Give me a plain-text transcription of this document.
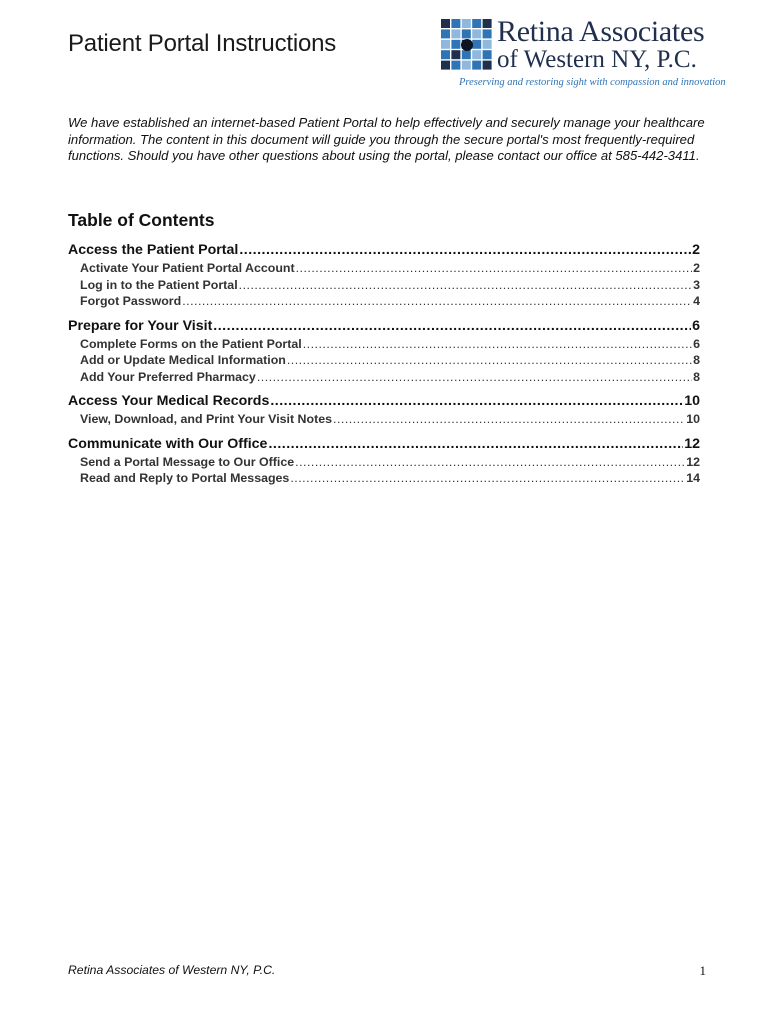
Patient Portal Instructions	Retina Associates
of Western NY, P.C.
Preserving and restoring sight with compassion and innovation
We have established an internet-based Patient Portal to help effectively and securely manage your healthcare information. The content in this document will guide you through the secure portal's most frequently-required functions. Should you have other questions about using the portal, please contact our office at 585-442-3411.
Table of Contents
Access the Patient Portal .....	2
Activate Your Patient Portal Account .....	2
Log in to the Patient Portal .....	3
Forgot Password .....	4
Prepare for Your Visit .....	6
Complete Forms on the Patient Portal .....	6
Add or Update Medical Information .....	8
Add Your Preferred Pharmacy .....	8
Access Your Medical Records .....	10
View, Download, and Print Your Visit Notes .....	10
Communicate with Our Office .....	12
Send a Portal Message to Our Office .....	12
Read and Reply to Portal Messages .....	14
Retina Associates of Western NY, P.C.	1
